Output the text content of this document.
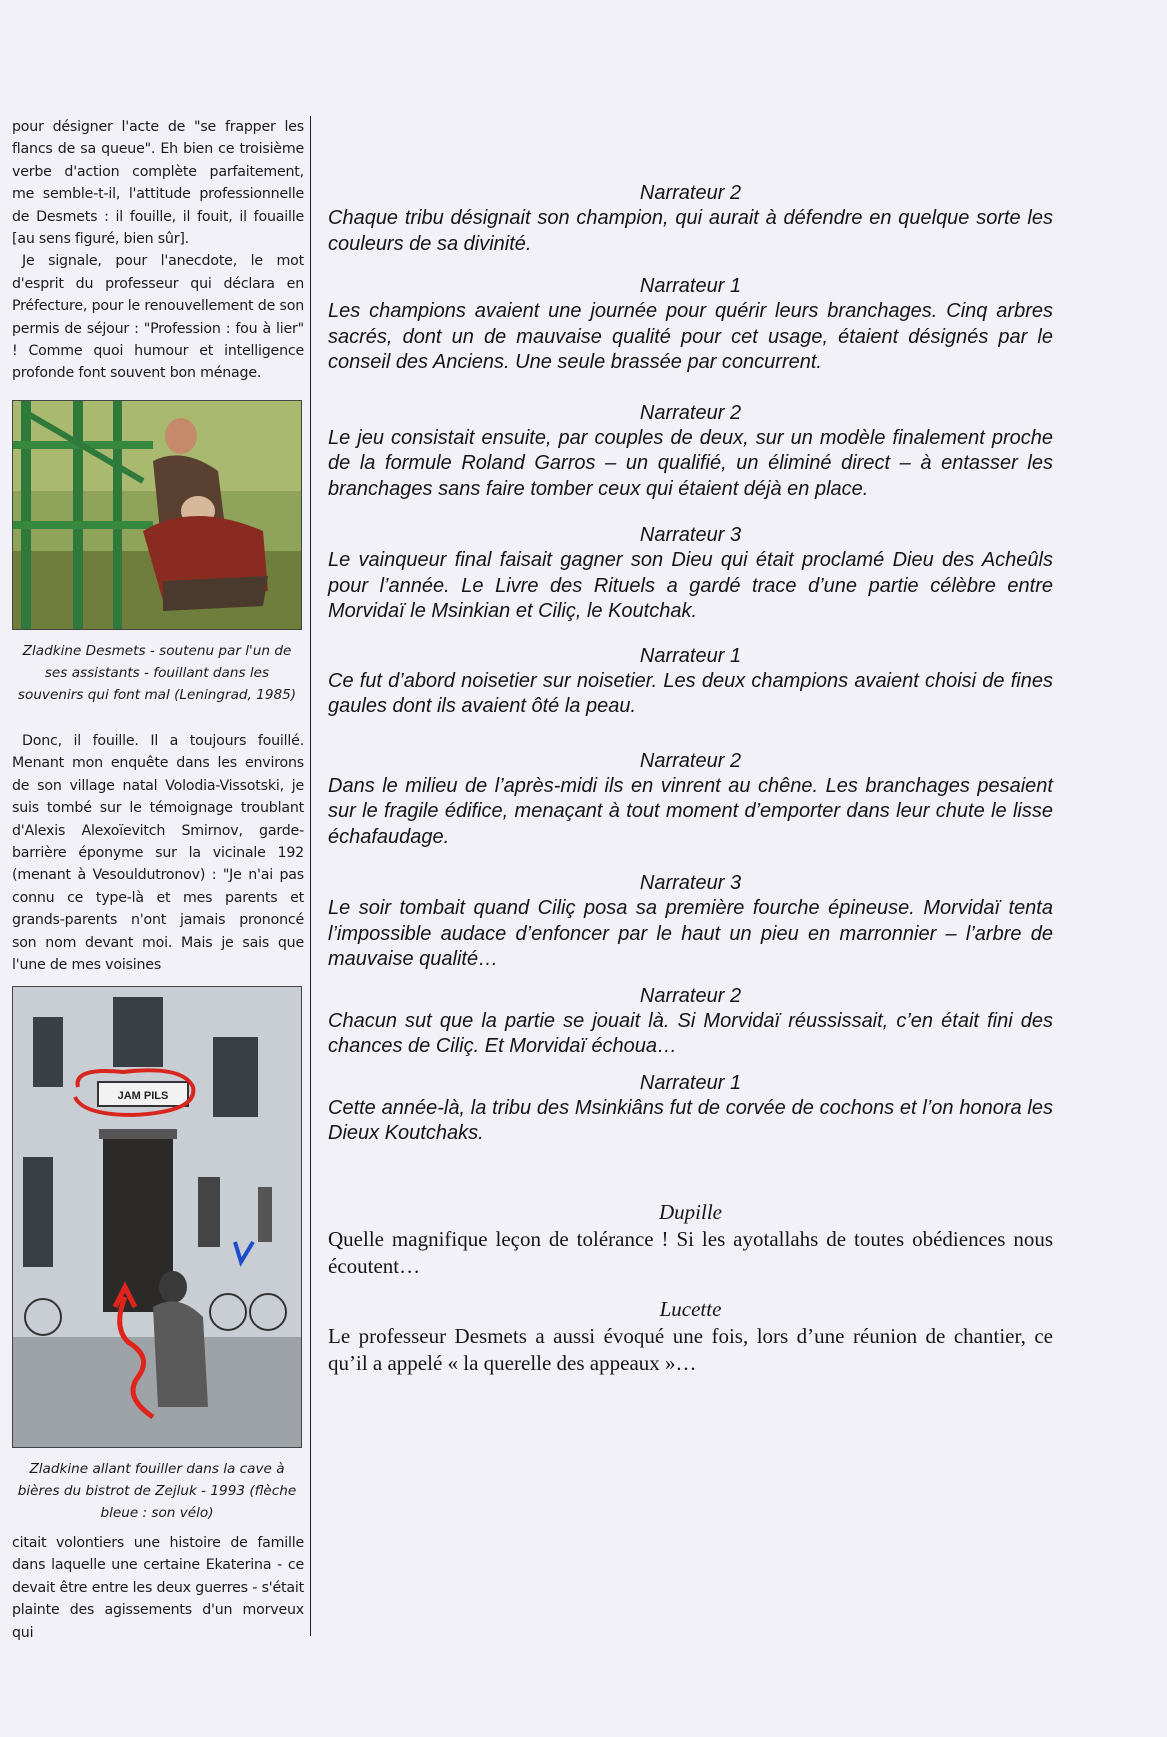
pour désigner l'acte de "se frapper les flancs de sa queue". Eh bien ce troisième verbe d'action complète parfaitement, me semble-t-il, l'attitude professionnelle de Desmets : il fouille, il fouit, il fouaille [au sens figuré, bien sûr].

Je signale, pour l'anecdote, le mot d'esprit du professeur qui déclara en Préfecture, pour le renouvellement de son permis de séjour : "Profession : fou à lier" ! Comme quoi humour et intelligence profonde font souvent bon ménage.

Zladkine Desmets - soutenu par l'un de ses assistants - fouillant dans les souvenirs qui font mal (Leningrad, 1985)

Donc, il fouille. Il a toujours fouillé. Menant mon enquête dans les environs de son village natal Volodia-Vissotski, je suis tombé sur le témoignage troublant d'Alexis Alexoïevitch Smirnov, garde-barrière éponyme sur la vicinale 192 (menant à Vesouldutronov) : "Je n'ai pas connu ce type-là et mes parents et grands-parents n'ont jamais prononcé son nom devant moi. Mais je sais que l'une de mes voisines

JAM PILS
Zladkine allant fouiller dans la cave à bières du bistrot de Zejluk - 1993 (flèche bleue : son vélo)

citait volontiers une histoire de famille dans laquelle une certaine Ekaterina - ce devait être entre les deux guerres - s'était plainte des agissements d'un morveux qui

Narrateur 2
Chaque tribu désignait son champion, qui aurait à défendre en quelque sorte les couleurs de sa divinité.
Narrateur 1
Les champions avaient une journée pour quérir leurs branchages. Cinq arbres sacrés, dont un de mauvaise qualité pour cet usage, étaient désignés par le conseil des Anciens. Une seule brassée par concurrent.
Narrateur 2
Le jeu consistait ensuite, par couples de deux, sur un modèle finalement proche de la formule Roland Garros – un qualifié, un éliminé direct – à entasser les branchages sans faire tomber ceux qui étaient déjà en place.
Narrateur 3
Le vainqueur final faisait gagner son Dieu qui était proclamé Dieu des Acheûls pour l’année. Le Livre des Rituels a gardé trace d’une partie célèbre entre Morvidaï le Msinkian et Ciliç, le Koutchak.
Narrateur 1
Ce fut d’abord noisetier sur noisetier. Les deux champions avaient choisi de fines gaules dont ils avaient ôté la peau.
Narrateur 2
Dans le milieu de l’après-midi ils en vinrent au chêne. Les branchages pesaient sur le fragile édifice, menaçant à tout moment d’emporter dans leur chute le lisse échafaudage.
Narrateur 3
Le soir tombait quand Ciliç posa sa première fourche épineuse. Morvidaï tenta l’impossible audace d’enfoncer par le haut un pieu en marronnier – l’arbre de mauvaise qualité…
Narrateur 2
Chacun sut que la partie se jouait là. Si Morvidaï réussissait, c’en était fini des chances de Ciliç. Et Morvidaï échoua…
Narrateur 1
Cette année-là, la tribu des Msinkiâns fut de corvée de cochons et l’on honora les Dieux Koutchaks.
Dupille
Quelle magnifique leçon de tolérance ! Si les ayotallahs de toutes obédiences nous écoutent…
Lucette
Le professeur Desmets a aussi évoqué une fois, lors d’une réunion de chantier, ce qu’il a appelé « la querelle des appeaux »…
